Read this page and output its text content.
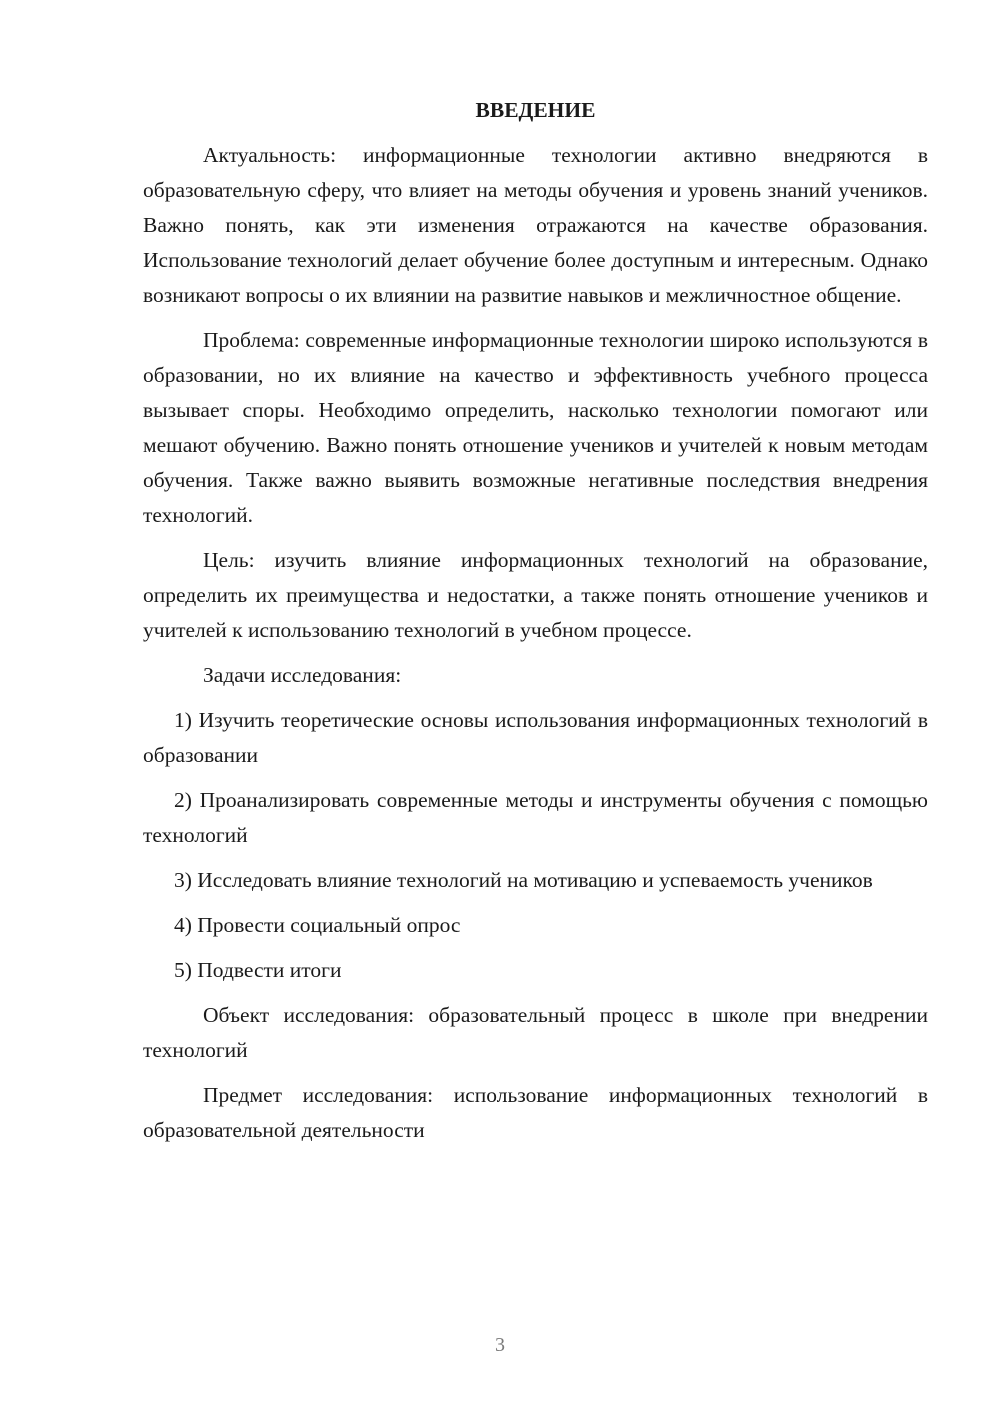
ВВЕДЕНИЕ

Актуальность: информационные технологии активно внедряются в образовательную сферу, что влияет на методы обучения и уровень знаний учеников. Важно понять, как эти изменения отражаются на качестве образования. Использование технологий делает обучение более доступным и интересным. Однако возникают вопросы о их влиянии на развитие навыков и межличностное общение.

Проблема: современные информационные технологии широко используются в образовании, но их влияние на качество и эффективность учебного процесса вызывает споры. Необходимо определить, насколько технологии помогают или мешают обучению. Важно понять отношение учеников и учителей к новым методам обучения. Также важно выявить возможные негативные последствия внедрения технологий.

Цель: изучить влияние информационных технологий на образование, определить их преимущества и недостатки, а также понять отношение учеников и учителей к использованию технологий в учебном процессе.

Задачи исследования:

1) Изучить теоретические основы использования информационных технологий в образовании

2) Проанализировать современные методы и инструменты обучения с помощью технологий

3) Исследовать влияние технологий на мотивацию и успеваемость учеников

4) Провести социальный опрос

5) Подвести итоги

Объект исследования: образовательный процесс в школе при внедрении технологий

Предмет исследования: использование информационных технологий в образовательной деятельности

3
